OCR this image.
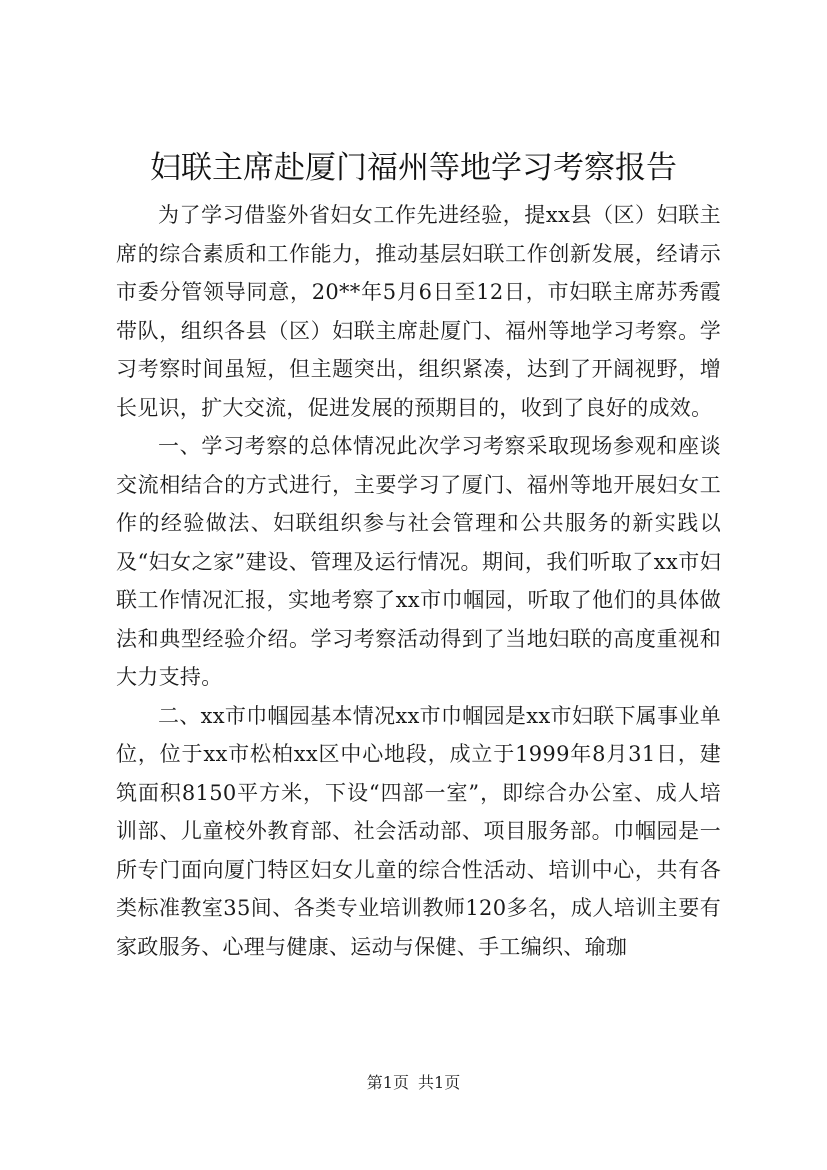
妇联主席赴厦门福州等地学习考察报告

为了学习借鉴外省妇女工作先进经验，提xx县（区）妇联主席的综合素质和工作能力，推动基层妇联工作创新发展，经请示市委分管领导同意，20**年5月6日至12日，市妇联主席苏秀霞带队，组织各县（区）妇联主席赴厦门、福州等地学习考察。学习考察时间虽短，但主题突出，组织紧凑，达到了开阔视野，增长见识，扩大交流，促进发展的预期目的，收到了良好的成效。

一、学习考察的总体情况此次学习考察采取现场参观和座谈交流相结合的方式进行，主要学习了厦门、福州等地开展妇女工作的经验做法、妇联组织参与社会管理和公共服务的新实践以及“妇女之家”建设、管理及运行情况。期间，我们听取了xx市妇联工作情况汇报，实地考察了xx市巾帼园，听取了他们的具体做法和典型经验介绍。学习考察活动得到了当地妇联的高度重视和大力支持。

二、xx市巾帼园基本情况xx市巾帼园是xx市妇联下属事业单位，位于xx市松柏xx区中心地段，成立于1999年8月31日，建筑面积8150平方米，下设“四部一室”，即综合办公室、成人培训部、儿童校外教育部、社会活动部、项目服务部。巾帼园是一所专门面向厦门特区妇女儿童的综合性活动、培训中心，共有各类标准教室35间、各类专业培训教师120多名，成人培训主要有家政服务、心理与健康、运动与保健、手工编织、瑜珈

第1页 共1页
